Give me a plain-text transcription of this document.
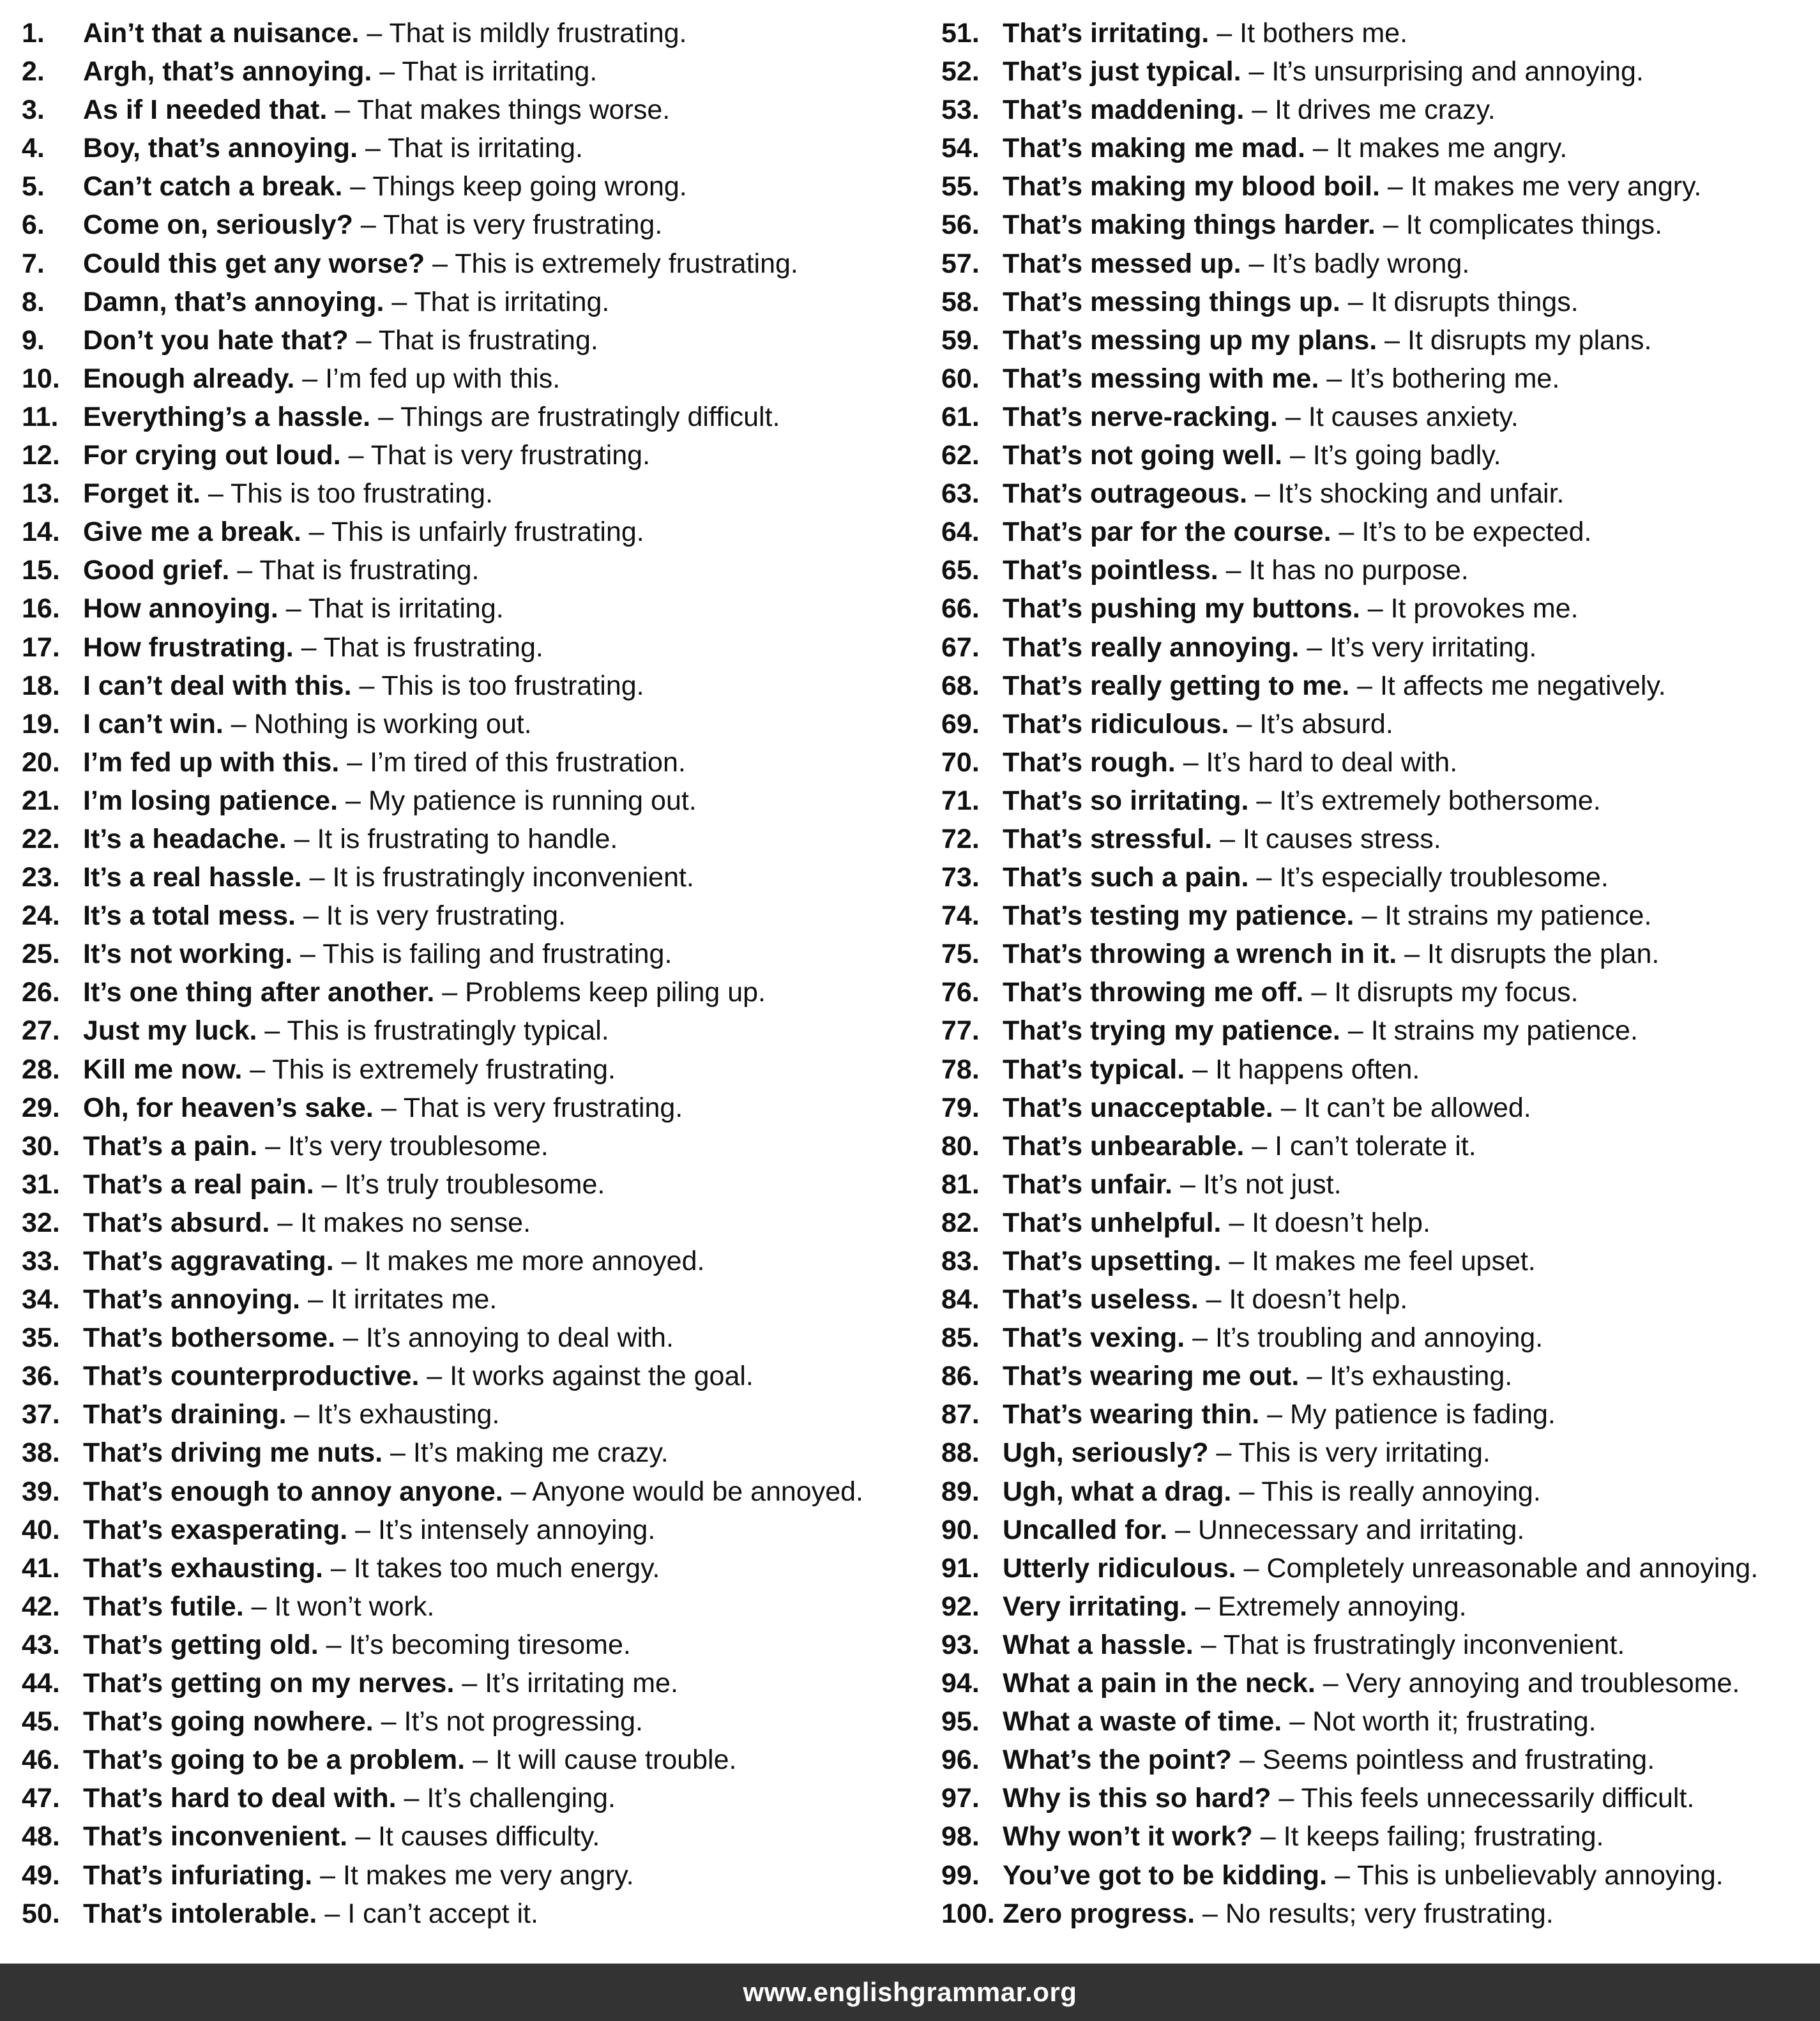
1. Ain’t that a nuisance. – That is mildly frustrating.
2. Argh, that’s annoying. – That is irritating.
3. As if I needed that. – That makes things worse.
4. Boy, that’s annoying. – That is irritating.
5. Can’t catch a break. – Things keep going wrong.
6. Come on, seriously? – That is very frustrating.
7. Could this get any worse? – This is extremely frustrating.
8. Damn, that’s annoying. – That is irritating.
9. Don’t you hate that? – That is frustrating.
10. Enough already. – I’m fed up with this.
11. Everything’s a hassle. – Things are frustratingly difficult.
12. For crying out loud. – That is very frustrating.
13. Forget it. – This is too frustrating.
14. Give me a break. – This is unfairly frustrating.
15. Good grief. – That is frustrating.
16. How annoying. – That is irritating.
17. How frustrating. – That is frustrating.
18. I can’t deal with this. – This is too frustrating.
19. I can’t win. – Nothing is working out.
20. I’m fed up with this. – I’m tired of this frustration.
21. I’m losing patience. – My patience is running out.
22. It’s a headache. – It is frustrating to handle.
23. It’s a real hassle. – It is frustratingly inconvenient.
24. It’s a total mess. – It is very frustrating.
25. It’s not working. – This is failing and frustrating.
26. It’s one thing after another. – Problems keep piling up.
27. Just my luck. – This is frustratingly typical.
28. Kill me now. – This is extremely frustrating.
29. Oh, for heaven’s sake. – That is very frustrating.
30. That’s a pain. – It’s very troublesome.
31. That’s a real pain. – It’s truly troublesome.
32. That’s absurd. – It makes no sense.
33. That’s aggravating. – It makes me more annoyed.
34. That’s annoying. – It irritates me.
35. That’s bothersome. – It’s annoying to deal with.
36. That’s counterproductive. – It works against the goal.
37. That’s draining. – It’s exhausting.
38. That’s driving me nuts. – It’s making me crazy.
39. That’s enough to annoy anyone. – Anyone would be annoyed.
40. That’s exasperating. – It’s intensely annoying.
41. That’s exhausting. – It takes too much energy.
42. That’s futile. – It won’t work.
43. That’s getting old. – It’s becoming tiresome.
44. That’s getting on my nerves. – It’s irritating me.
45. That’s going nowhere. – It’s not progressing.
46. That’s going to be a problem. – It will cause trouble.
47. That’s hard to deal with. – It’s challenging.
48. That’s inconvenient. – It causes difficulty.
49. That’s infuriating. – It makes me very angry.
50. That’s intolerable. – I can’t accept it.
51. That’s irritating. – It bothers me.
52. That’s just typical. – It’s unsurprising and annoying.
53. That’s maddening. – It drives me crazy.
54. That’s making me mad. – It makes me angry.
55. That’s making my blood boil. – It makes me very angry.
56. That’s making things harder. – It complicates things.
57. That’s messed up. – It’s badly wrong.
58. That’s messing things up. – It disrupts things.
59. That’s messing up my plans. – It disrupts my plans.
60. That’s messing with me. – It’s bothering me.
61. That’s nerve-racking. – It causes anxiety.
62. That’s not going well. – It’s going badly.
63. That’s outrageous. – It’s shocking and unfair.
64. That’s par for the course. – It’s to be expected.
65. That’s pointless. – It has no purpose.
66. That’s pushing my buttons. – It provokes me.
67. That’s really annoying. – It’s very irritating.
68. That’s really getting to me. – It affects me negatively.
69. That’s ridiculous. – It’s absurd.
70. That’s rough. – It’s hard to deal with.
71. That’s so irritating. – It’s extremely bothersome.
72. That’s stressful. – It causes stress.
73. That’s such a pain. – It’s especially troublesome.
74. That’s testing my patience. – It strains my patience.
75. That’s throwing a wrench in it. – It disrupts the plan.
76. That’s throwing me off. – It disrupts my focus.
77. That’s trying my patience. – It strains my patience.
78. That’s typical. – It happens often.
79. That’s unacceptable. – It can’t be allowed.
80. That’s unbearable. – I can’t tolerate it.
81. That’s unfair. – It’s not just.
82. That’s unhelpful. – It doesn’t help.
83. That’s upsetting. – It makes me feel upset.
84. That’s useless. – It doesn’t help.
85. That’s vexing. – It’s troubling and annoying.
86. That’s wearing me out. – It’s exhausting.
87. That’s wearing thin. – My patience is fading.
88. Ugh, seriously? – This is very irritating.
89. Ugh, what a drag. – This is really annoying.
90. Uncalled for. – Unnecessary and irritating.
91. Utterly ridiculous. – Completely unreasonable and annoying.
92. Very irritating. – Extremely annoying.
93. What a hassle. – That is frustratingly inconvenient.
94. What a pain in the neck. – Very annoying and troublesome.
95. What a waste of time. – Not worth it; frustrating.
96. What’s the point? – Seems pointless and frustrating.
97. Why is this so hard? – This feels unnecessarily difficult.
98. Why won’t it work? – It keeps failing; frustrating.
99. You’ve got to be kidding. – This is unbelievably annoying.
100. Zero progress. – No results; very frustrating.
www.englishgrammar.org
